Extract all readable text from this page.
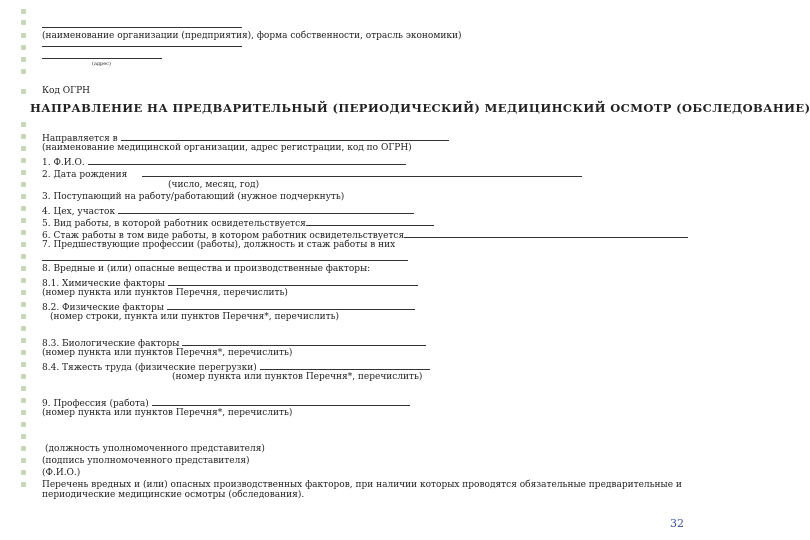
(наименование организации (предприятия), форма собственности, отрасль экономики)
(адрес)
Код ОГРН
НАПРАВЛЕНИЕ НА ПРЕДВАРИТЕЛЬНЫЙ (ПЕРИОДИЧЕСКИЙ) МЕДИЦИНСКИЙ ОСМОТР (ОБСЛЕДОВАНИЕ)
Направляется в
(наименование медицинской организации, адрес регистрации, код по ОГРН)
1. Ф.И.О.
2. Дата рождения
(число, месяц, год)
3. Поступающий на работу/работающий (нужное подчеркнуть)
4. Цех, участок
5. Вид работы, в которой работник освидетельствуется
6. Стаж работы в том виде работы, в котором работник освидетельствуется
7. Предшествующие профессии (работы), должность и стаж работы в них
8. Вредные и (или) опасные вещества и производственные факторы:
8.1. Химические факторы
(номер пункта или пунктов Перечня, перечислить)
8.2. Физические факторы
(номер строки, пункта или пунктов Перечня*, перечислить)
8.3. Биологические факторы
(номер пункта или пунктов Перечня*, перечислить)
8.4. Тяжесть труда (физические перегрузки)
(номер пункта или пунктов Перечня*, перечислить)
9. Профессия (работа)
(номер пункта или пунктов Перечня*, перечислить)
(должность уполномоченного представителя)
(подпись уполномоченного представителя)
(Ф.И.О.)
Перечень вредных и (или) опасных производственных факторов, при наличии которых проводятся обязательные предварительные и
периодические медицинские осмотры (обследования).
32
